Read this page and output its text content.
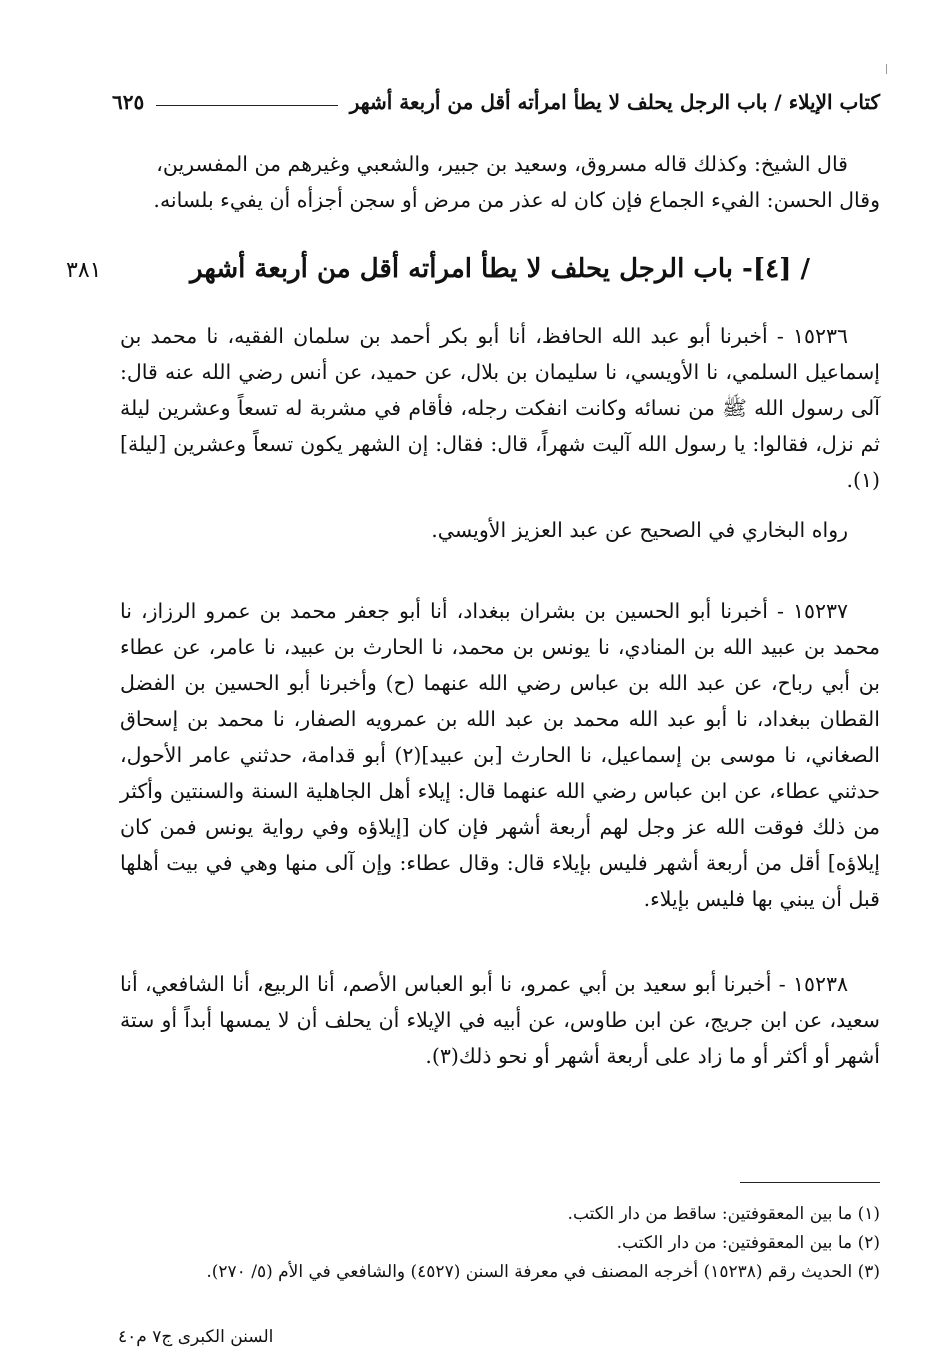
كتاب الإيلاء / باب الرجل يحلف لا يطأ امرأته أقل من أربعة أشهر
٦٢٥

قال الشيخ: وكذلك قاله مسروق، وسعيد بن جبير، والشعبي وغيرهم من المفسرين،

وقال الحسن: الفيء الجماع فإن كان له عذر من مرض أو سجن أجزأه أن يفيء بلسانه.

/ [٤]- باب الرجل يحلف لا يطأ امرأته أقل من أربعة أشهر
٣٨١

١٥٢٣٦ - أخبرنا أبو عبد الله الحافظ، أنا أبو بكر أحمد بن سلمان الفقيه، نا محمد بن إسماعيل السلمي، نا الأويسي، نا سليمان بن بلال، عن حميد، عن أنس رضي الله عنه قال: آلى رسول الله ﷺ من نسائه وكانت انفكت رجله، فأقام في مشربة له تسعاً وعشرين ليلة ثم نزل، فقالوا: يا رسول الله آليت شهراً، قال: فقال: إن الشهر يكون تسعاً وعشرين [ليلة](١).

رواه البخاري في الصحيح عن عبد العزيز الأويسي.

١٥٢٣٧ - أخبرنا أبو الحسين بن بشران ببغداد، أنا أبو جعفر محمد بن عمرو الرزاز، نا محمد بن عبيد الله بن المنادي، نا يونس بن محمد، نا الحارث بن عبيد، نا عامر، عن عطاء بن أبي رباح، عن عبد الله بن عباس رضي الله عنهما (ح) وأخبرنا أبو الحسين بن الفضل القطان ببغداد، نا أبو عبد الله محمد بن عبد الله بن عمرويه الصفار، نا محمد بن إسحاق الصغاني، نا موسى بن إسماعيل، نا الحارث [بن عبيد](٢) أبو قدامة، حدثني عامر الأحول، حدثني عطاء، عن ابن عباس رضي الله عنهما قال: إيلاء أهل الجاهلية السنة والسنتين وأكثر من ذلك فوقت الله عز وجل لهم أربعة أشهر فإن كان [إيلاؤه وفي رواية يونس فمن كان إيلاؤه] أقل من أربعة أشهر فليس بإيلاء قال: وقال عطاء: وإن آلى منها وهي في بيت أهلها قبل أن يبني بها فليس بإيلاء.

١٥٢٣٨ - أخبرنا أبو سعيد بن أبي عمرو، نا أبو العباس الأصم، أنا الربيع، أنا الشافعي، أنا سعيد، عن ابن جريج، عن ابن طاوس، عن أبيه في الإيلاء أن يحلف أن لا يمسها أبداً أو ستة أشهر أو أكثر أو ما زاد على أربعة أشهر أو نحو ذلك(٣).

(١) ما بين المعقوفتين: ساقط من دار الكتب.
(٢) ما بين المعقوفتين: من دار الكتب.
(٣) الحديث رقم (١٥٢٣٨) أخرجه المصنف في معرفة السنن (٤٥٢٧) والشافعي في الأم (٥/ ٢٧٠).
السنن الكبرى ج٧ م٤٠
